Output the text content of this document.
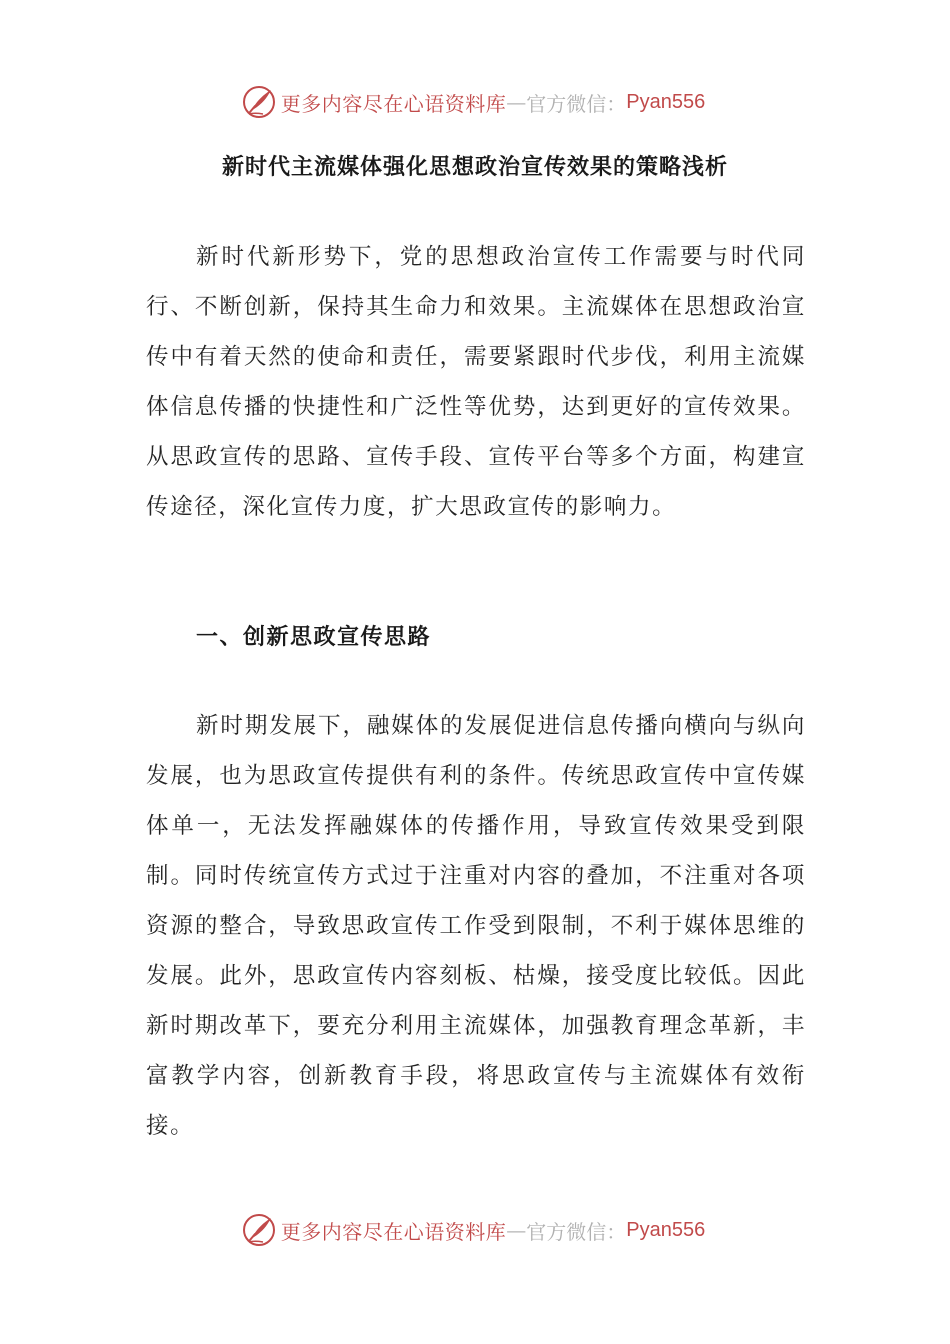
更多内容尽在心语资料库 — 官方微信： Pyan556
新时代主流媒体强化思想政治宣传效果的策略浅析

新时代新形势下，党的思想政治宣传工作需要与时代同行、不断创新，保持其生命力和效果。主流媒体在思想政治宣传中有着天然的使命和责任，需要紧跟时代步伐，利用主流媒体信息传播的快捷性和广泛性等优势，达到更好的宣传效果。从思政宣传的思路、宣传手段、宣传平台等多个方面，构建宣传途径，深化宣传力度，扩大思政宣传的影响力。

一、创新思政宣传思路

新时期发展下，融媒体的发展促进信息传播向横向与纵向发展，也为思政宣传提供有利的条件。传统思政宣传中宣传媒体单一，无法发挥融媒体的传播作用，导致宣传效果受到限制。同时传统宣传方式过于注重对内容的叠加，不注重对各项资源的整合，导致思政宣传工作受到限制，不利于媒体思维的发展。此外，思政宣传内容刻板、枯燥，接受度比较低。因此新时期改革下，要充分利用主流媒体，加强教育理念革新，丰富教学内容，创新教育手段，将思政宣传与主流媒体有效衔接。

更多内容尽在心语资料库 — 官方微信： Pyan556
